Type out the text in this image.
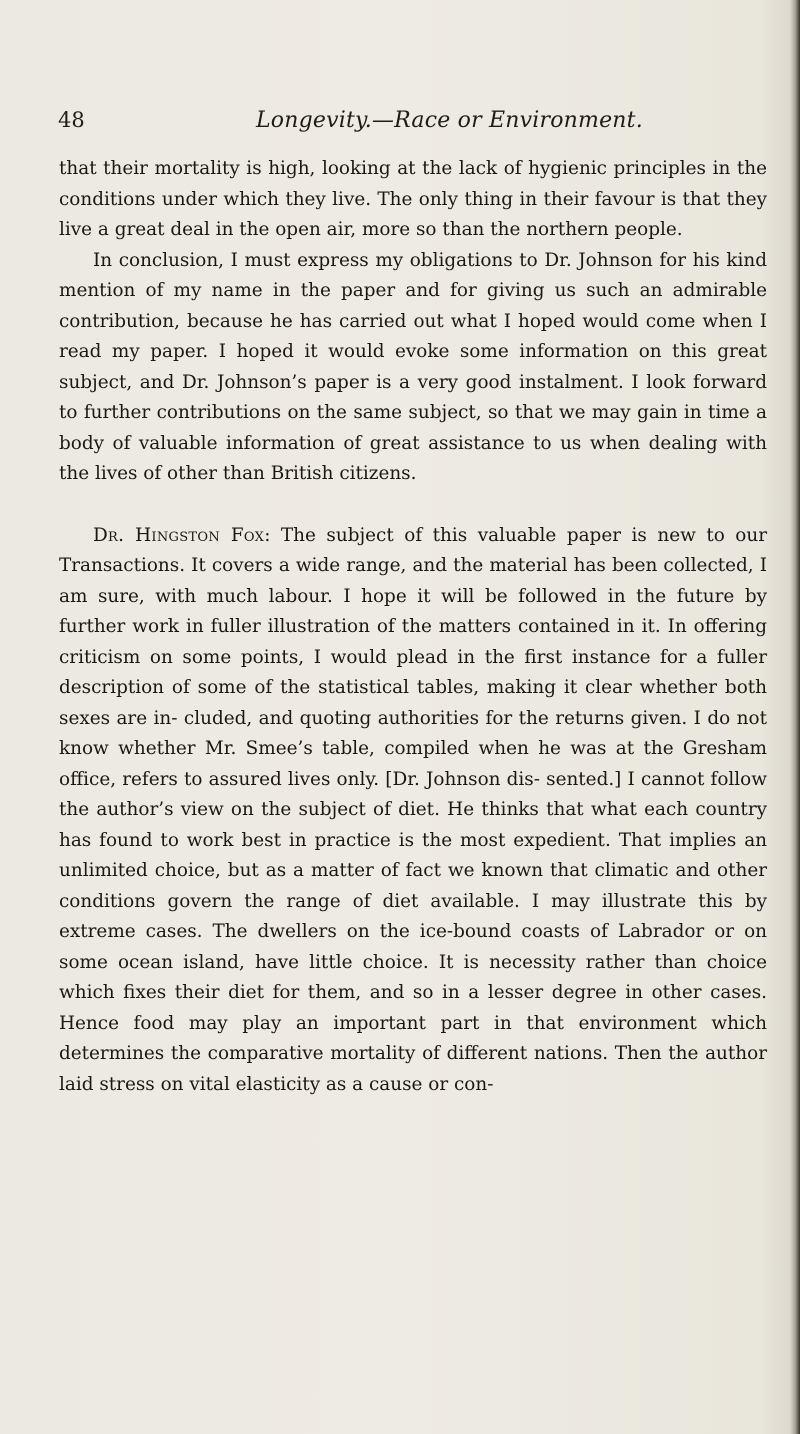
48	Longevity.—Race or Environment.

that their mortality is high, looking at the lack of hygienic principles in the conditions under which they live. The only thing in their favour is that they live a great deal in the open air, more so than the northern people.

In conclusion, I must express my obligations to Dr. Johnson for his kind mention of my name in the paper and for giving us such an admirable contribution, because he has carried out what I hoped would come when I read my paper. I hoped it would evoke some information on this great subject, and Dr. Johnson’s paper is a very good instalment. I look forward to further contributions on the same subject, so that we may gain in time a body of valuable information of great assistance to us when dealing with the lives of other than British citizens.

Dr. Hingston Fox: The subject of this valuable paper is new to our Transactions. It covers a wide range, and the material has been collected, I am sure, with much labour. I hope it will be followed in the future by further work in fuller illustration of the matters contained in it. In offering criticism on some points, I would plead in the first instance for a fuller description of some of the statistical tables, making it clear whether both sexes are in- cluded, and quoting authorities for the returns given. I do not know whether Mr. Smee’s table, compiled when he was at the Gresham office, refers to assured lives only. [Dr. Johnson dis- sented.] I cannot follow the author’s view on the subject of diet. He thinks that what each country has found to work best in practice is the most expedient. That implies an unlimited choice, but as a matter of fact we known that climatic and other conditions govern the range of diet available. I may illustrate this by extreme cases. The dwellers on the ice-bound coasts of Labrador or on some ocean island, have little choice. It is necessity rather than choice which fixes their diet for them, and so in a lesser degree in other cases. Hence food may play an important part in that environment which determines the comparative mortality of different nations. Then the author laid stress on vital elasticity as a cause or con-
